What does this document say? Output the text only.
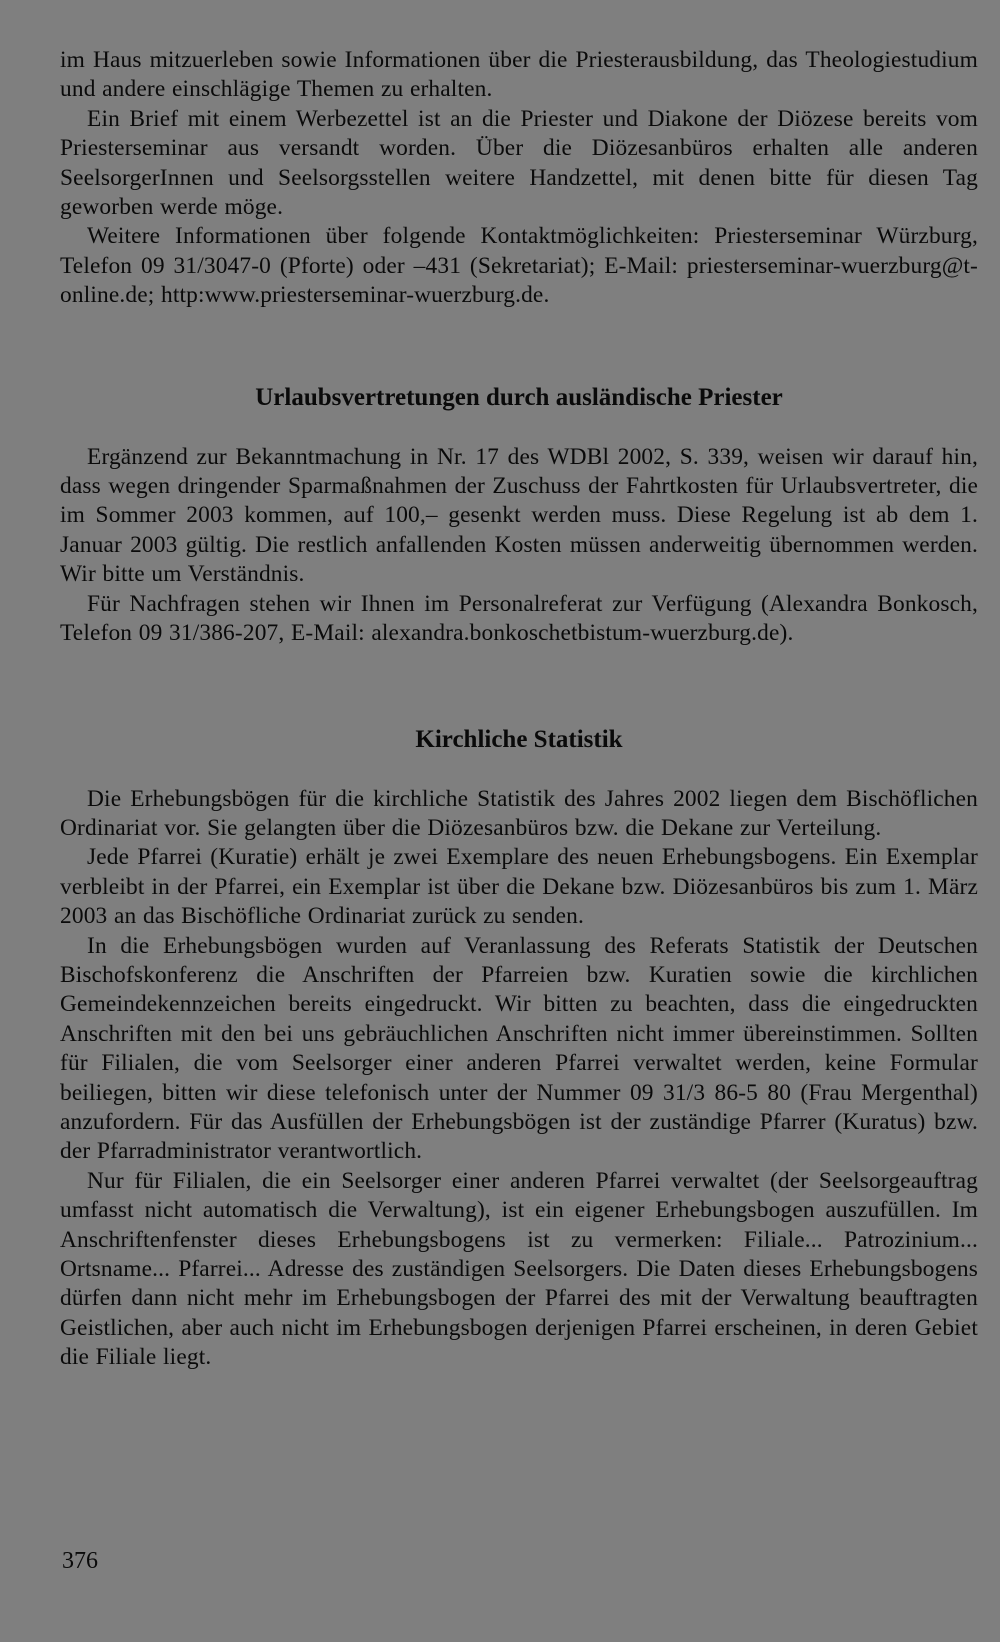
im Haus mitzuerleben sowie Informationen über die Priesterausbildung, das Theologiestudium und andere einschlägige Themen zu erhalten.

Ein Brief mit einem Werbezettel ist an die Priester und Diakone der Diözese bereits vom Priesterseminar aus versandt worden. Über die Diözesanbüros erhalten alle anderen SeelsorgerInnen und Seelsorgsstellen weitere Handzettel, mit denen bitte für diesen Tag geworben werde möge.

Weitere Informationen über folgende Kontaktmöglichkeiten: Priesterseminar Würzburg, Telefon 09 31/3047-0 (Pforte) oder –431 (Sekretariat); E-Mail: priesterseminar-wuerzburg@t-online.de; http:www.priesterseminar-wuerzburg.de.

Urlaubsvertretungen durch ausländische Priester

Ergänzend zur Bekanntmachung in Nr. 17 des WDBl 2002, S. 339, weisen wir darauf hin, dass wegen dringender Sparmaßnahmen der Zuschuss der Fahrtkosten für Urlaubsvertreter, die im Sommer 2003 kommen, auf 100,– gesenkt werden muss. Diese Regelung ist ab dem 1. Januar 2003 gültig. Die restlich anfallenden Kosten müssen anderweitig übernommen werden. Wir bitte um Verständnis.

Für Nachfragen stehen wir Ihnen im Personalreferat zur Verfügung (Alexandra Bonkosch, Telefon 09 31/386-207, E-Mail: alexandra.bonkoschetbistum-wuerzburg.de).

Kirchliche Statistik

Die Erhebungsbögen für die kirchliche Statistik des Jahres 2002 liegen dem Bischöflichen Ordinariat vor. Sie gelangten über die Diözesanbüros bzw. die Dekane zur Verteilung.

Jede Pfarrei (Kuratie) erhält je zwei Exemplare des neuen Erhebungsbogens. Ein Exemplar verbleibt in der Pfarrei, ein Exemplar ist über die Dekane bzw. Diözesanbüros bis zum 1. März 2003 an das Bischöfliche Ordinariat zurück zu senden.

In die Erhebungsbögen wurden auf Veranlassung des Referats Statistik der Deutschen Bischofskonferenz die Anschriften der Pfarreien bzw. Kuratien sowie die kirchlichen Gemeindekennzeichen bereits eingedruckt. Wir bitten zu beachten, dass die eingedruckten Anschriften mit den bei uns gebräuchlichen Anschriften nicht immer übereinstimmen. Sollten für Filialen, die vom Seelsorger einer anderen Pfarrei verwaltet werden, keine Formular beiliegen, bitten wir diese telefonisch unter der Nummer 09 31/3 86-5 80 (Frau Mergenthal) anzufordern. Für das Ausfüllen der Erhebungsbögen ist der zuständige Pfarrer (Kuratus) bzw. der Pfarradministrator verantwortlich.

Nur für Filialen, die ein Seelsorger einer anderen Pfarrei verwaltet (der Seelsorgeauftrag umfasst nicht automatisch die Verwaltung), ist ein eigener Erhebungsbogen auszufüllen. Im Anschriftenfenster dieses Erhebungsbogens ist zu vermerken: Filiale... Patrozinium... Ortsname... Pfarrei... Adresse des zuständigen Seelsorgers. Die Daten dieses Erhebungsbogens dürfen dann nicht mehr im Erhebungsbogen der Pfarrei des mit der Verwaltung beauftragten Geistlichen, aber auch nicht im Erhebungsbogen derjenigen Pfarrei erscheinen, in deren Gebiet die Filiale liegt.

376
